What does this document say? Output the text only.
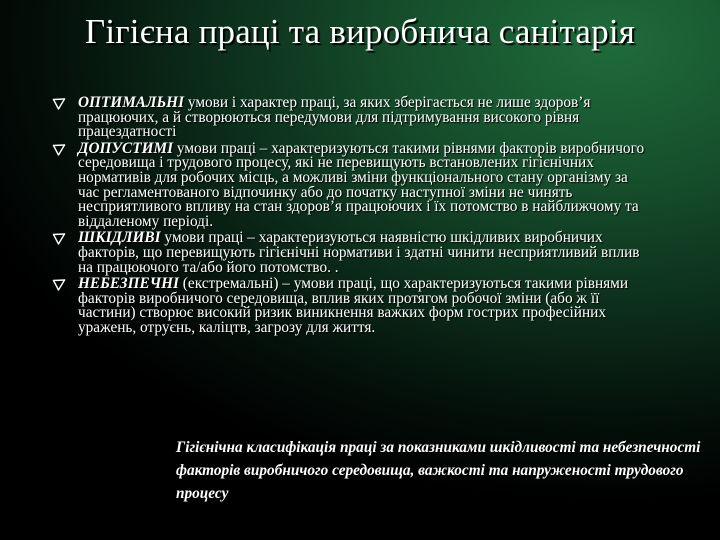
Гігієна праці та виробнича санітарія
ОПТИМАЛЬНІ умови і характер праці, за яких зберігається не лише здоров’я працюючих, а й створюються передумови для підтримування високого рівня працездатності
ДОПУСТИМІ умови праці – характеризуються такими рівнями факторів виробничого середовища і трудового процесу, які не перевищують встановлених гігієнічних нормативів для робочих місць, а можливі зміни функціонального стану організму за час регламентованого відпочинку або до початку наступної зміни не чинять несприятливого впливу на стан здоров’я працюючих і їх потомство в найближчому та віддаленому періоді.
ШКІДЛИВІ умови праці – характеризуються наявністю шкідливих виробничих факторів, що перевищують гігієнічні нормативи і здатні чинити несприятливий вплив на працюючого та/або його потомство. .
НЕБЕЗПЕЧНІ (екстремальні) – умови праці, що характеризуються такими рівнями факторів виробничого середовища, вплив яких протягом робочої зміни (або ж її частини) створює високий ризик виникнення важких форм гострих професійних уражень, отруєнь, каліцтв, загрозу для життя.
Гігієнічна класифікація праці за показниками шкідливості та небезпечності факторів виробничого середовища, важкості та напруженості трудового процесу
